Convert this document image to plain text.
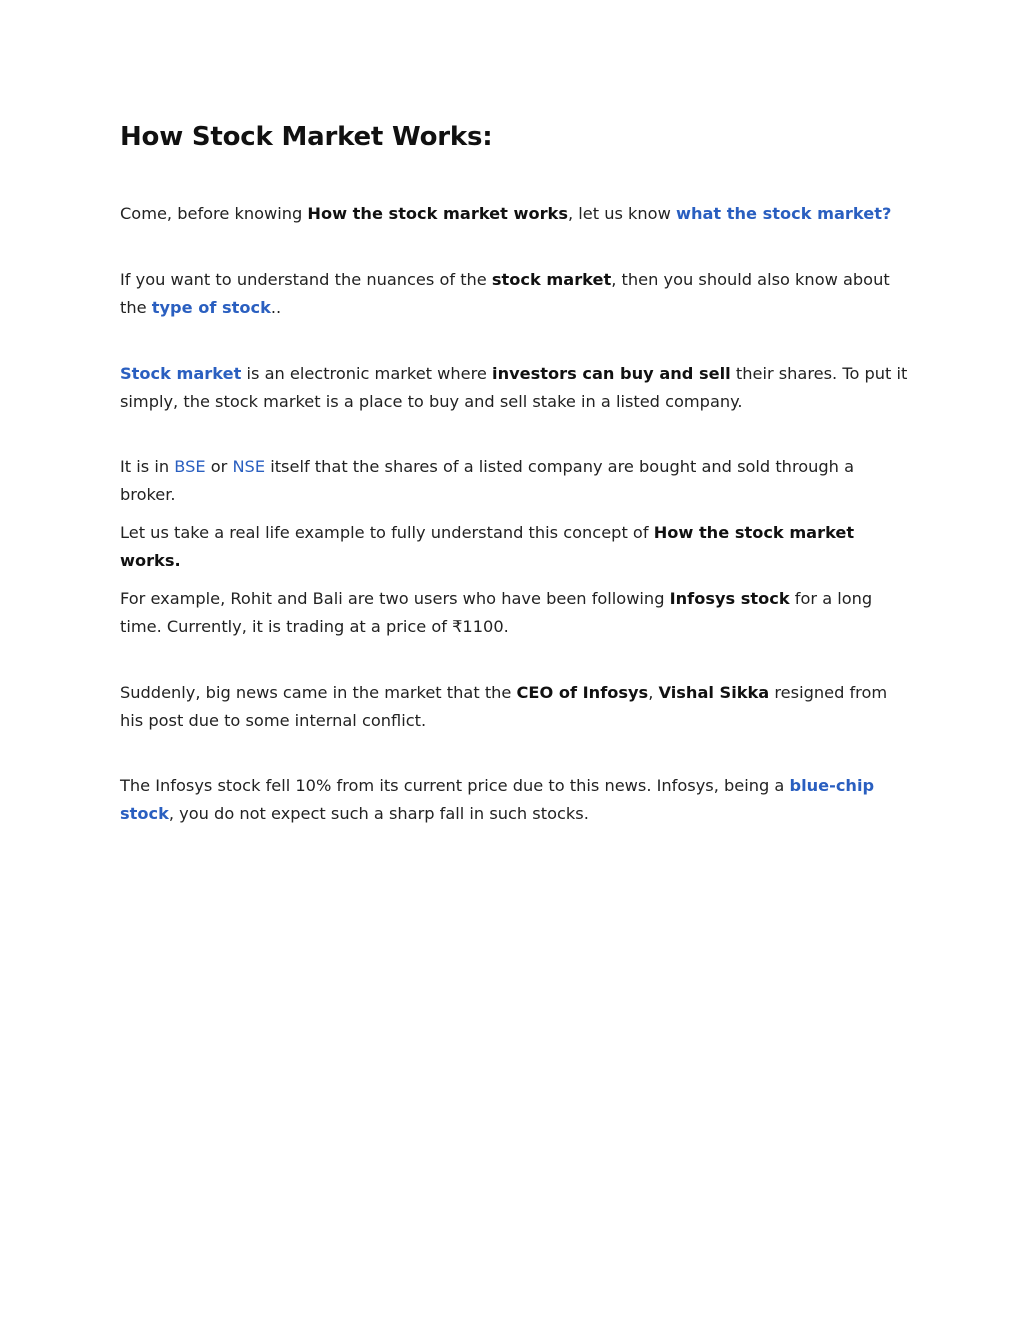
How Stock Market Works:

Come, before knowing How the stock market works, let us know what the stock market?

If you want to understand the nuances of the stock market, then you should also know about the type of stock..

Stock market is an electronic market where investors can buy and sell their shares. To put it simply, the stock market is a place to buy and sell stake in a listed company.

It is in BSE or NSE itself that the shares of a listed company are bought and sold through a broker.

Let us take a real life example to fully understand this concept of How the stock market works.

For example, Rohit and Bali are two users who have been following Infosys stock for a long time. Currently, it is trading at a price of ₹1100.

Suddenly, big news came in the market that the CEO of Infosys, Vishal Sikka resigned from his post due to some internal conflict.

The Infosys stock fell 10% from its current price due to this news. Infosys, being a blue-chip stock, you do not expect such a sharp fall in such stocks.
